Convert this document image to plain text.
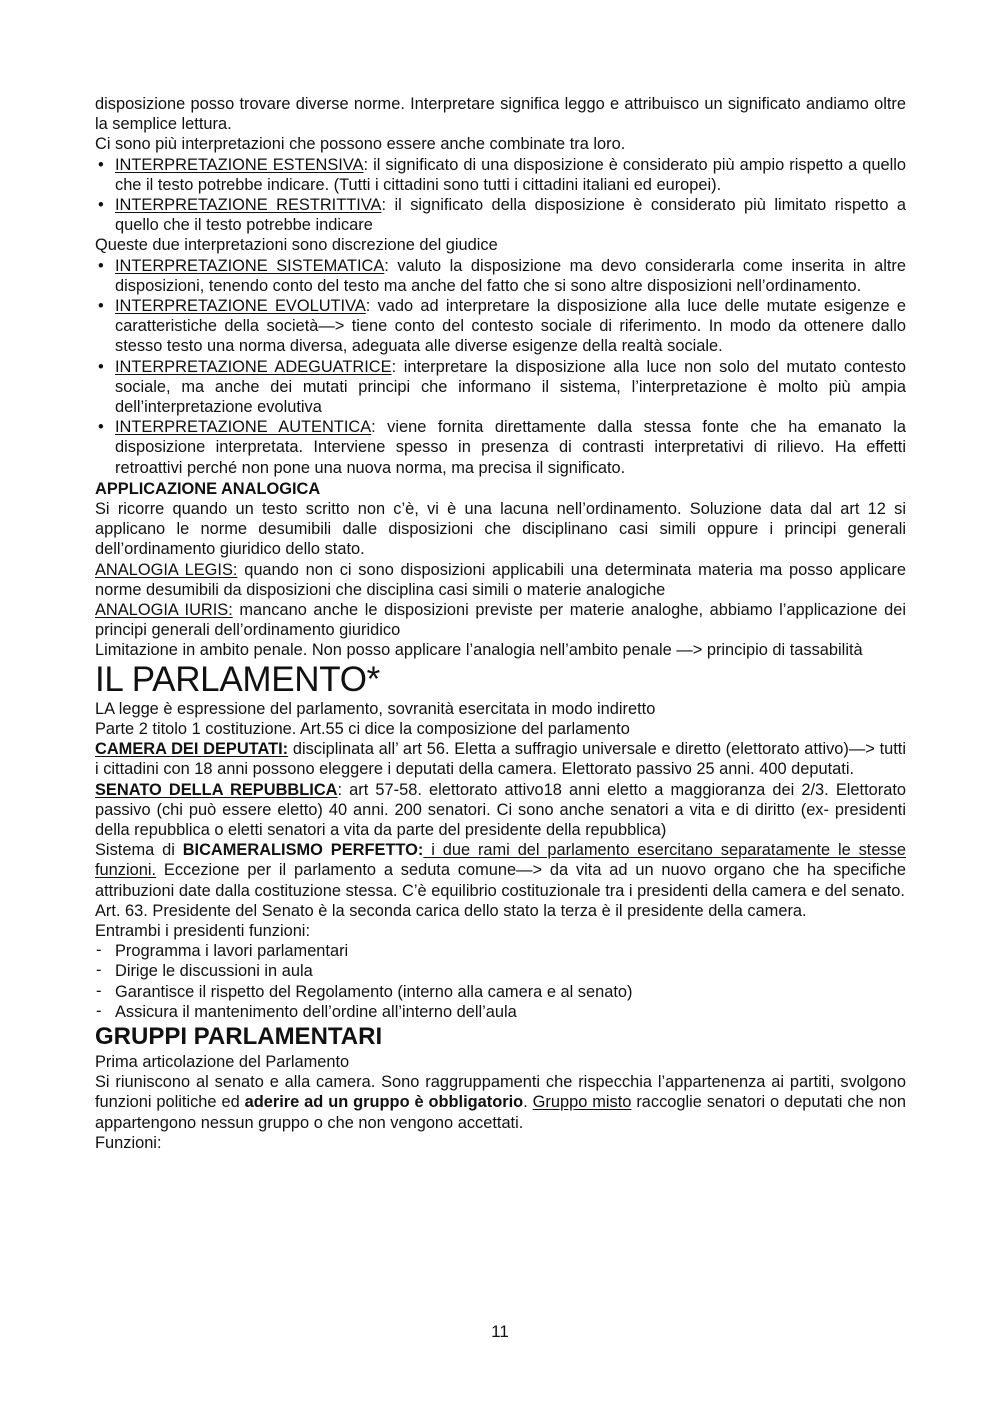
disposizione posso trovare diverse norme. Interpretare significa leggo e attribuisco un significato andiamo oltre la semplice lettura.

Ci sono più interpretazioni che possono essere anche combinate tra loro.

• INTERPRETAZIONE ESTENSIVA: il significato di una disposizione è considerato più ampio rispetto a quello che il testo potrebbe indicare. (Tutti i cittadini sono tutti i cittadini italiani ed europei).
• INTERPRETAZIONE RESTRITTIVA: il significato della disposizione è considerato più limitato rispetto a quello che il testo potrebbe indicare

Queste due interpretazioni sono discrezione del giudice

• INTERPRETAZIONE SISTEMATICA: valuto la disposizione ma devo considerarla come inserita in altre disposizioni, tenendo conto del testo ma anche del fatto che si sono altre disposizioni nell’ordinamento.
• INTERPRETAZIONE EVOLUTIVA: vado ad interpretare la disposizione alla luce delle mutate esigenze e caratteristiche della società—> tiene conto del contesto sociale di riferimento. In modo da ottenere dallo stesso testo una norma diversa, adeguata alle diverse esigenze della realtà sociale.
• INTERPRETAZIONE ADEGUATRICE: interpretare la disposizione alla luce non solo del mutato contesto sociale, ma anche dei mutati principi che informano il sistema, l’interpretazione è molto più ampia dell’interpretazione evolutiva
• INTERPRETAZIONE AUTENTICA: viene fornita direttamente dalla stessa fonte che ha emanato la disposizione interpretata. Interviene spesso in presenza di contrasti interpretativi di rilievo. Ha effetti retroattivi perché non pone una nuova norma, ma precisa il significato.

APPLICAZIONE ANALOGICA

Si ricorre quando un testo scritto non c’è, vi è una lacuna nell’ordinamento. Soluzione data dal art 12 si applicano le norme desumibili dalle disposizioni che disciplinano casi simili oppure i principi generali dell’ordinamento giuridico dello stato.

ANALOGIA LEGIS: quando non ci sono disposizioni applicabili una determinata materia ma posso applicare norme desumibili da disposizioni che disciplina casi simili o materie analogiche

ANALOGIA IURIS: mancano anche le disposizioni previste per materie analoghe, abbiamo l’applicazione dei principi generali dell’ordinamento giuridico

Limitazione in ambito penale. Non posso applicare l’analogia nell’ambito penale —> principio di tassabilità

IL PARLAMENTO*

LA legge è espressione del parlamento, sovranità esercitata in modo indiretto

Parte 2 titolo 1 costituzione. Art.55 ci dice la composizione del parlamento

CAMERA DEI DEPUTATI: disciplinata all’ art 56. Eletta a suffragio universale e diretto (elettorato attivo)—> tutti i cittadini con 18 anni possono eleggere i deputati della camera. Elettorato passivo 25 anni. 400 deputati.

SENATO DELLA REPUBBLICA: art 57-58. elettorato attivo18 anni eletto a maggioranza dei 2/3. Elettorato passivo (chi può essere eletto) 40 anni. 200 senatori. Ci sono anche senatori a vita e di diritto (ex- presidenti della repubblica o eletti senatori a vita da parte del presidente della repubblica)

Sistema di BICAMERALISMO PERFETTO: i due rami del parlamento esercitano separatamente le stesse funzioni. Eccezione per il parlamento a seduta comune—> da vita ad un nuovo organo che ha specifiche attribuzioni date dalla costituzione stessa. C’è equilibrio costituzionale tra i presidenti della camera e del senato.

Art. 63. Presidente del Senato è la seconda carica dello stato la terza è il presidente della camera.

Entrambi i presidenti funzioni:

- Programma i lavori parlamentari
- Dirige le discussioni in aula
- Garantisce il rispetto del Regolamento (interno alla camera e al senato)
- Assicura il mantenimento dell’ordine all’interno dell’aula
GRUPPI PARLAMENTARI

Prima articolazione del Parlamento

Si riuniscono al senato e alla camera. Sono raggruppamenti che rispecchia l’appartenenza ai partiti, svolgono funzioni politiche ed aderire ad un gruppo è obbligatorio. Gruppo misto raccoglie senatori o deputati che non appartengono nessun gruppo o che non vengono accettati.

Funzioni:

11
